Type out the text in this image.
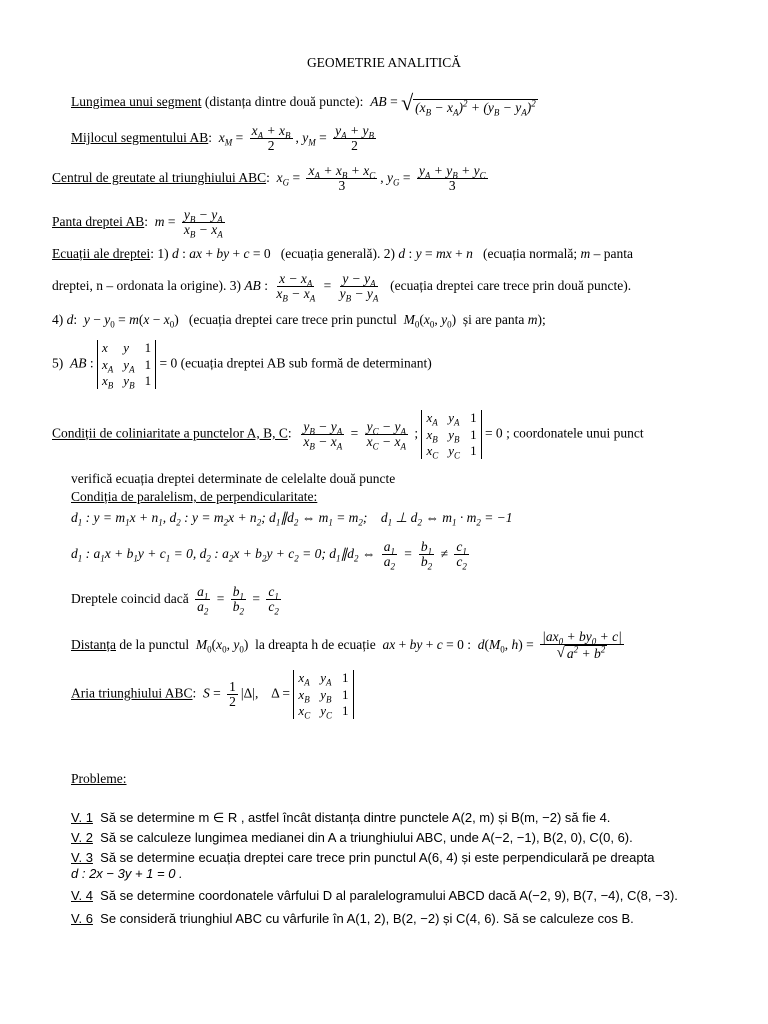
GEOMETRIE ANALITICĂ
Lungimea unui segment (distanța dintre două puncte): AB = √ $(x_B - x_A)^2 + (y_B - y_A)^2$
Mijlocul segmentului AB:  $x_M = \frac{x_A + x_B}{2}$ , $y_M = \frac{y_A + y_B}{2}$
Centrul de greutate al triunghiului ABC:  $x_G = \frac{x_A + x_B + x_C}{3}$ , $y_G = \frac{y_A + y_B + y_C}{3}$
Panta dreptei AB:  $m = \frac{y_B - y_A}{x_B - x_A}$
Ecuații ale dreptei: 1) d : ax + by + c = 0   (ecuația generală). 2) d : y = mx + n (ecuația normală; m – panta
dreptei, n – ordonata la origine). 3) AB : $\frac{x - x_A}{x_B - x_A} = \frac{y - y_A}{y_B - y_A}$ (ecuația dreptei care trece prin două puncte).
4) d:  $y - y_0 = m(x - x_0)$   (ecuația dreptei care trece prin punctul $M_0(x_0$, $y_0$)  și are panta m);
5)  AB :
x	y	1
$x_A$ $y_A$ 1
$x_B$ $y_B$ 1
= 0 (ecuația dreptei AB sub formă de determinant)
Condiții de coliniaritate a punctelor A, B, C: $\frac{y_B - y_A}{x_B - x_A} = \frac{y_C - y_A}{x_C - x_A}$ ;
$x_A$ $y_A$ 1
$x_B$ $y_B$ 1
$x_C$ $y_C$ 1
= 0 ; coordonatele unui punct
verifică ecuația dreptei determinate de celelalte două puncte
Condiția de paralelism, de perpendicularitate:
$d_1$ : $y = m_1x + n_1$, $d_2$ : $y = m_2x + n_2$; $d_1\parallel d_2$ ⇔ $m_1 = m_2$;    $d_1$ ⊥ $d_2$ ⇔ $m_1 \cdot m_2 = -1$
$d_1$ : $a_1x + b_1y + c_1 = 0$, $d_2$ : $a_2x + b_2y + c_2 = 0$; $d_1\parallel d_2$ ⇔ $\frac{a_1}{a_2} = \frac{b_1}{b_2} \ne \frac{c_1}{c_2}$
Dreptele coincid dacă $\frac{a_1}{a_2} = \frac{b_1}{b_2} = \frac{c_1}{c_2}$
Distanța de la punctul $M_0(x_0$, $y_0$)  la dreapta h de ecuație ax + by + c = 0 :  $d(M_0$, $h) = \frac{|ax_0 + by_0 + c|}{√ a^2 + b^2}$
Aria triunghiului ABC:  $S = \frac{1}{2} |\Delta|$,    Δ =
$x_A$ $y_A$ 1
$x_B$ $y_B$ 1
$x_C$ $y_C$ 1
Probleme:
V. 1 Să se determine m ∈ R , astfel încât distanța dintre punctele A(2, m) și B(m, −2) să fie 4.
V. 2 Să se calculeze lungimea medianei din A a triunghiului ABC, unde A(−2, −1), B(2, 0), C(0, 6).
V. 3 Să se determine ecuația dreptei care trece prin punctul A(6, 4) și este perpendiculară pe dreapta
d : 2x − 3y + 1 = 0 .
V. 4 Să se determine coordonatele vârfului D al paralelogramului ABCD dacă A(−2, 9), B(7, −4), C(8, −3).
V. 6 Se consideră triunghiul ABC cu vârfurile în A(1, 2), B(2, −2) și C(4, 6). Să se calculeze cos B.
